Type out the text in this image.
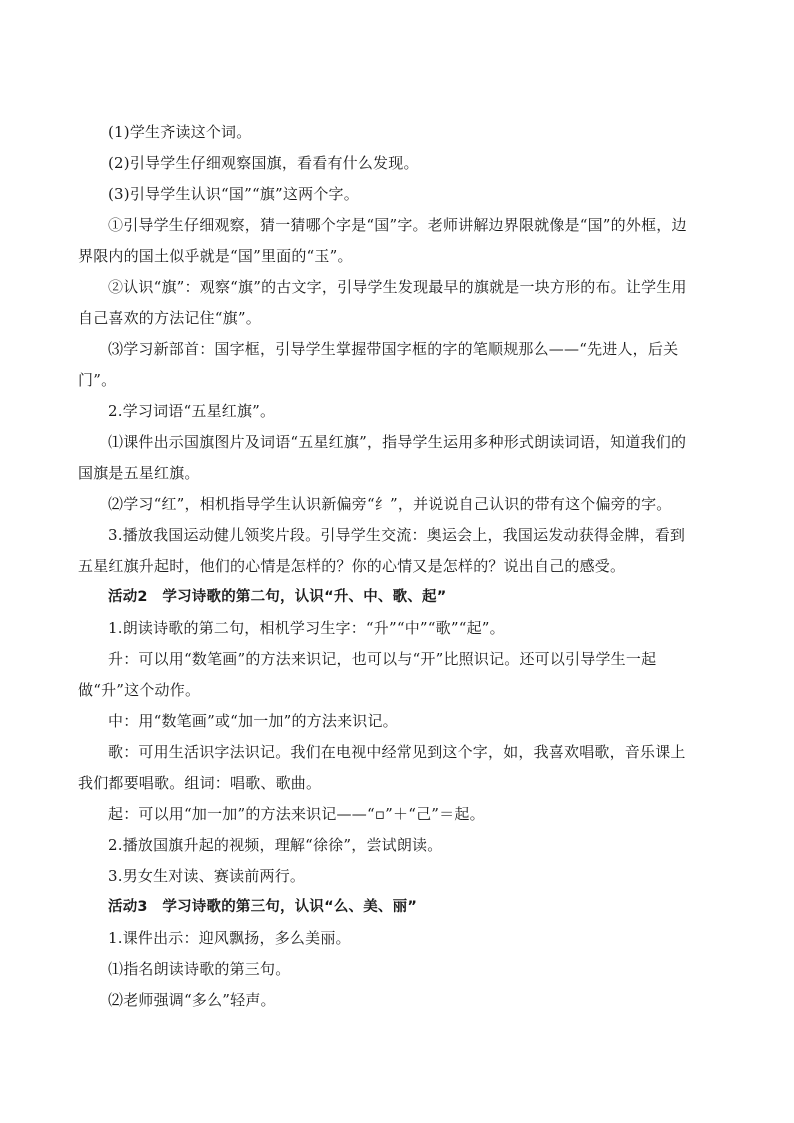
(1)学生齐读这个词。

(2)引导学生仔细观察国旗，看看有什么发现。

(3)引导学生认识“国”“旗”这两个字。

①引导学生仔细观察，猜一猜哪个字是“国”字。老师讲解边界限就像是“国”的外框，边界限内的国土似乎就是“国”里面的“玉”。

②认识“旗”：观察“旗”的古文字，引导学生发现最早的旗就是一块方形的布。让学生用自己喜欢的方法记住“旗”。

⑶学习新部首：国字框，引导学生掌握带国字框的字的笔顺规那么——“先进人，后关门”。

2.学习词语“五星红旗”。

⑴课件出示国旗图片及词语“五星红旗”，指导学生运用多种形式朗读词语，知道我们的国旗是五星红旗。

⑵学习“红”，相机指导学生认识新偏旁“纟”，并说说自己认识的带有这个偏旁的字。

3.播放我国运动健儿领奖片段。引导学生交流：奥运会上，我国运发动获得金牌，看到五星红旗升起时，他们的心情是怎样的？你的心情又是怎样的？说出自己的感受。

活动2　学习诗歌的第二句，认识“升、中、歌、起”

1.朗读诗歌的第二句，相机学习生字：“升”“中”“歌”“起”。

升：可以用“数笔画”的方法来识记，也可以与“开”比照识记。还可以引导学生一起做“升”这个动作。

中：用“数笔画”或“加一加”的方法来识记。

歌：可用生活识字法识记。我们在电视中经常见到这个字，如，我喜欢唱歌，音乐课上我们都要唱歌。组词：唱歌、歌曲。

起：可以用“加一加”的方法来识记——“▫”＋“己”＝起。

2.播放国旗升起的视频，理解“徐徐”，尝试朗读。

3.男女生对读、赛读前两行。

活动3　学习诗歌的第三句，认识“么、美、丽”

1.课件出示：迎风飘扬，多么美丽。

⑴指名朗读诗歌的第三句。

⑵老师强调“多么”轻声。
